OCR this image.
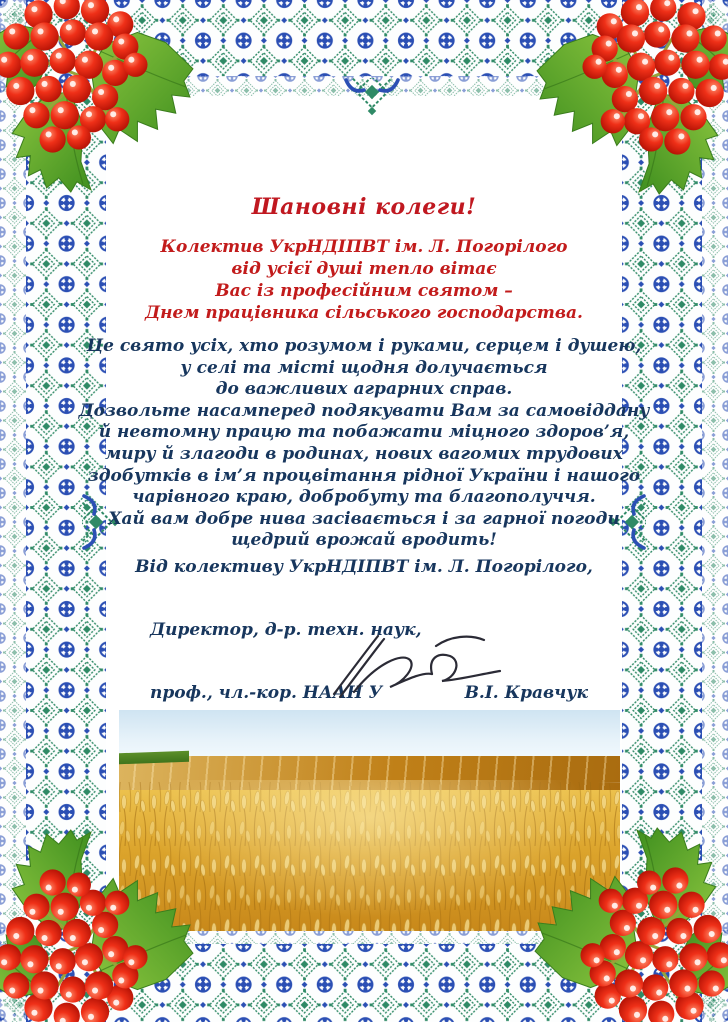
Шановні колеги!
Колектив УкрНДІПВТ ім. Л. Погорілого
від усієї душі тепло вітає
Вас із професійним святом –
Днем працівника сільського господарства.
Це свято усіх, хто розумом і руками, серцем і душею,
у селі та місті щодня долучається
до важливих аграрних справ.
Дозвольте насамперед подякувати Вам за самовіддану
й невтомну працю та побажати міцного здоров’я,
миру й злагоди в родинах, нових вагомих трудових
здобутків в ім’я процвітання рідної України і нашого
чарівного краю, добробуту та благополуччя.
Хай вам добре нива засівається і за гарної погоди
щедрий врожай вродить!
Від колективу УкрНДІПВТ ім. Л. Погорілого,
Директор, д-р. техн. наук,
проф., чл.-кор. НААН У	В.І. Кравчук
